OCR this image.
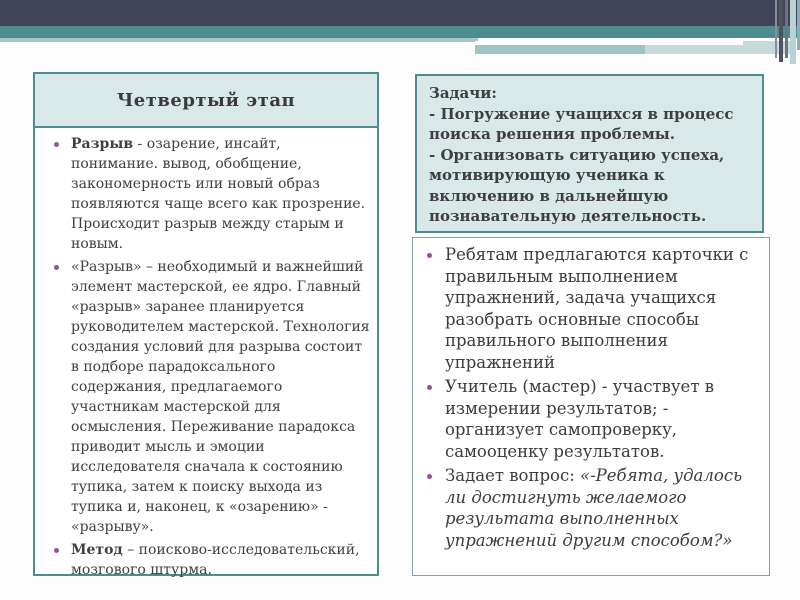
Четвертый этап
Разрыв - озарение, инсайт, понимание. вывод, обобщение, закономерность или новый образ появляются чаще всего как прозрение. Происходит разрыв между старым и новым.
«Разрыв» – необходимый и важнейший элемент мастерской, ее ядро. Главный «разрыв» заранее планируется руководителем мастерской. Технология создания условий для разрыва состоит в подборе парадоксального содержания, предлагаемого участникам мастерской для осмысления. Переживание парадокса приводит мысль и эмоции исследователя сначала к состоянию тупика, затем к поиску выхода из тупика и, наконец, к «озарению» - «разрыву».
Метод – поисково-исследовательский, мозгового штурма.

Задачи:

- Погружение учащихся в процесс поиска решения проблемы.

- Организовать ситуацию успеха, мотивирующую ученика к включению в дальнейшую познавательную деятельность.

Ребятам предлагаются карточки с правильным выполнением упражнений, задача учащихся разобрать основные способы правильного выполнения упражнений
Учитель (мастер) - участвует в измерении результатов; - организует самопроверку, самооценку результатов.
Задает вопрос: «-Ребята, удалось ли достигнуть желаемого результата выполненных упражнений другим способом?»
